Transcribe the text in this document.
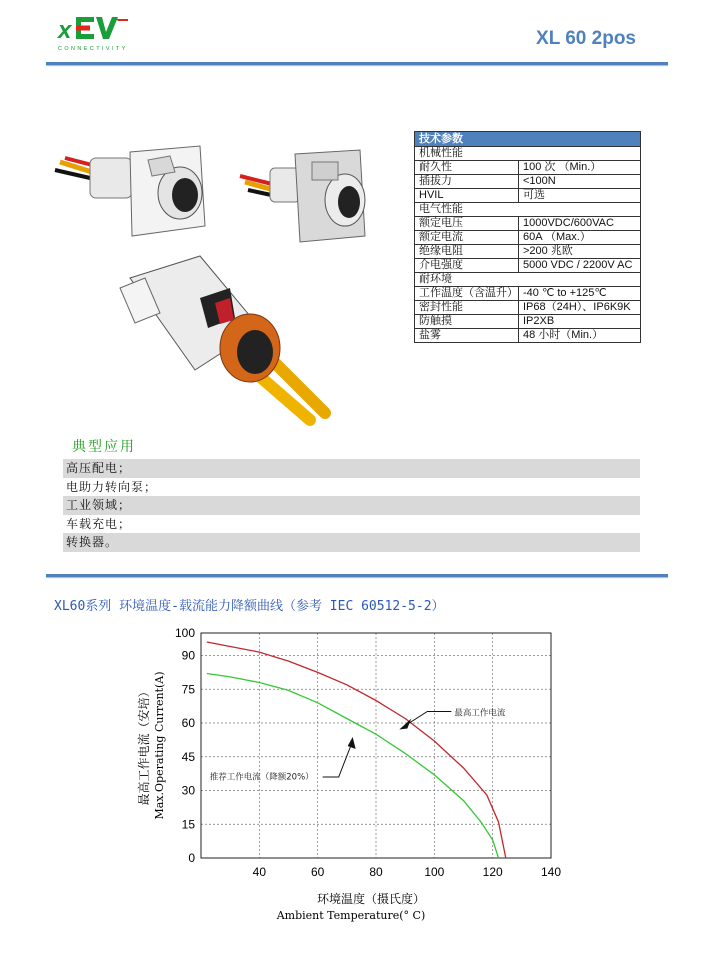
x
CONNECTIVITY	XL 60 2pos
技术参数	
机械性能	
耐久性	100 次 （Min.）
插拔力	<100N
HVIL	可选
电气性能	
额定电压	1000VDC/600VAC
额定电流	60A （Max.）
绝缘电阻	>200 兆欧
介电强度	5000 VDC / 2200V AC
耐环境	
工作温度（含温升）	-40 ℃ to +125℃
密封性能	IP68（24H）、IP6K9K
防触摸	IP2XB
盐雾	48 小时（Min.）
典型应用
高压配电；
电助力转向泵；
工业领域；
车载充电；
转换器。
XL60系列 环境温度-载流能力降额曲线（参考 IEC 60512-5-2）
0
15
30
45
60
75
90
100
40	60	80	100	120	140
最高工作电流
推荐工作电流（降额20%）
环境温度（摄氏度）
Ambient Temperature(° C)
最高工作电流（安培） Max.Operating Current(A)
